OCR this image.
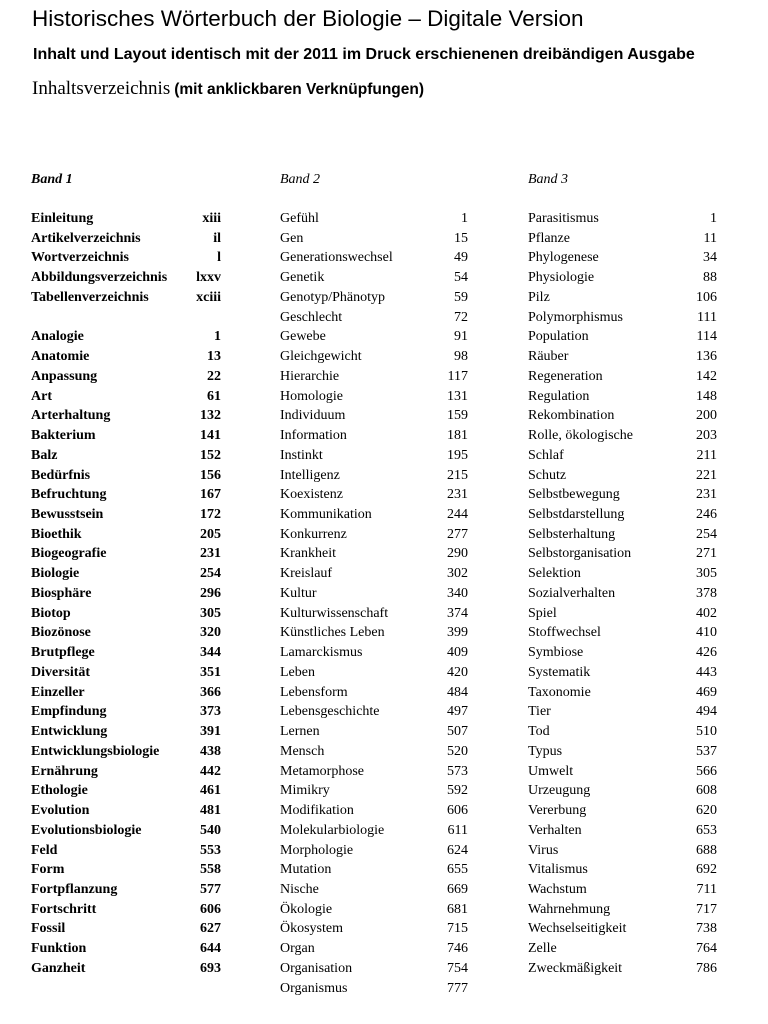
Historisches Wörterbuch der Biologie – Digitale Version

Inhalt und Layout identisch mit der 2011 im Druck erschienenen dreibändigen Ausgabe

Inhaltsverzeichnis (mit anklickbaren Verknüpfungen)

Band 1
Einleitung	xiii
Artikelverzeichnis	il
Wortverzeichnis	l
Abbildungsverzeichnis lxxv
Tabellenverzeichnis	xciii
Analogie	1
Anatomie	13
Anpassung	22
Art	61
Arterhaltung	132
Bakterium	141
Balz	152
Bedürfnis	156
Befruchtung	167
Bewusstsein	172
Bioethik	205
Biogeografie	231
Biologie	254
Biosphäre	296
Biotop	305
Biozönose	320
Brutpflege	344
Diversität	351
Einzeller	366
Empfindung	373
Entwicklung	391
Entwicklungsbiologie	438
Ernährung	442
Ethologie	461
Evolution	481
Evolutionsbiologie	540
Feld	553
Form	558
Fortpflanzung	577
Fortschritt	606
Fossil	627
Funktion	644
Ganzheit	693
Band 2
Gefühl	1
Gen	15
Generationswechsel	49
Genetik	54
Genotyp/Phänotyp	59
Geschlecht	72
Gewebe	91
Gleichgewicht	98
Hierarchie	117
Homologie	131
Individuum	159
Information	181
Instinkt	195
Intelligenz	215
Koexistenz	231
Kommunikation	244
Konkurrenz	277
Krankheit	290
Kreislauf	302
Kultur	340
Kulturwissenschaft	374
Künstliches Leben	399
Lamarckismus	409
Leben	420
Lebensform	484
Lebensgeschichte	497
Lernen	507
Mensch	520
Metamorphose	573
Mimikry	592
Modifikation	606
Molekularbiologie	611
Morphologie	624
Mutation	655
Nische	669
Ökologie	681
Ökosystem	715
Organ	746
Organisation	754
Organismus	777
Band 3
Parasitismus	1
Pflanze	11
Phylogenese	34
Physiologie	88
Pilz	106
Polymorphismus	111
Population	114
Räuber	136
Regeneration	142
Regulation	148
Rekombination	200
Rolle, ökologische	203
Schlaf	211
Schutz	221
Selbstbewegung	231
Selbstdarstellung	246
Selbsterhaltung	254
Selbstorganisation	271
Selektion	305
Sozialverhalten	378
Spiel	402
Stoffwechsel	410
Symbiose	426
Systematik	443
Taxonomie	469
Tier	494
Tod	510
Typus	537
Umwelt	566
Urzeugung	608
Vererbung	620
Verhalten	653
Virus	688
Vitalismus	692
Wachstum	711
Wahrnehmung	717
Wechselseitigkeit	738
Zelle	764
Zweckmäßigkeit	786
